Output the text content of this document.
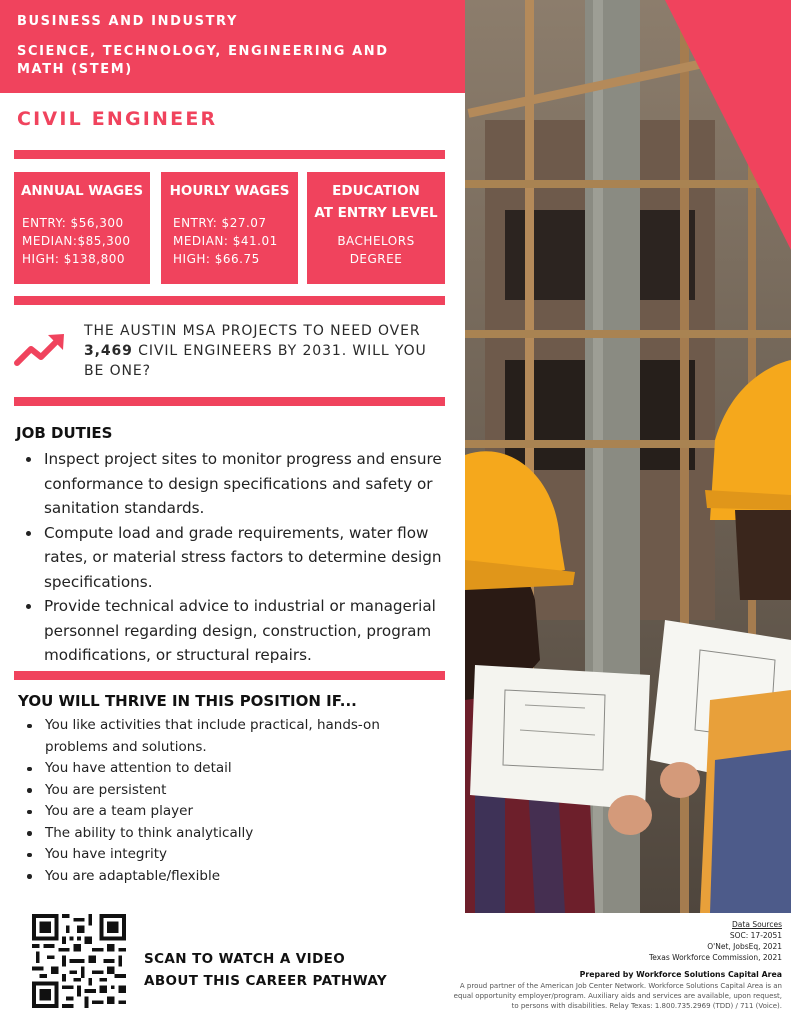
BUSINESS AND INDUSTRY
SCIENCE, TECHNOLOGY, ENGINEERING AND MATH (STEM)
CIVIL ENGINEER
ANNUAL WAGES
ENTRY: $56,300
MEDIAN:$85,300
HIGH: $138,800
HOURLY WAGES
ENTRY: $27.07
MEDIAN: $41.01
HIGH: $66.75
EDUCATION
AT ENTRY LEVEL
BACHELORS
DEGREE
THE AUSTIN MSA PROJECTS TO NEED OVER 3,469 CIVIL ENGINEERS BY 2031. WILL YOU BE ONE?
JOB DUTIES
Inspect project sites to monitor progress and ensure conformance to design specifications and safety or sanitation standards.
Compute load and grade requirements, water flow rates, or material stress factors to determine design specifications.
Provide technical advice to industrial or managerial personnel regarding design, construction, program modifications, or structural repairs.
YOU WILL THRIVE IN THIS POSITION IF...
You like activities that include practical, hands-on problems and solutions.
You have attention to detail
You are persistent
You are a team player
The ability to think analytically
You have integrity
You are adaptable/flexible
SCAN TO WATCH A VIDEO
ABOUT THIS CAREER PATHWAY
Data Sources
SOC: 17-2051
O'Net, JobsEq, 2021
Texas Workforce Commission, 2021
Prepared by Workforce Solutions Capital Area
A proud partner of the American Job Center Network. Workforce Solutions Capital Area is an equal opportunity employer/program. Auxiliary aids and services are available, upon request, to persons with disabilities. Relay Texas: 1.800.735.2969 (TDD) / 711 (Voice).
